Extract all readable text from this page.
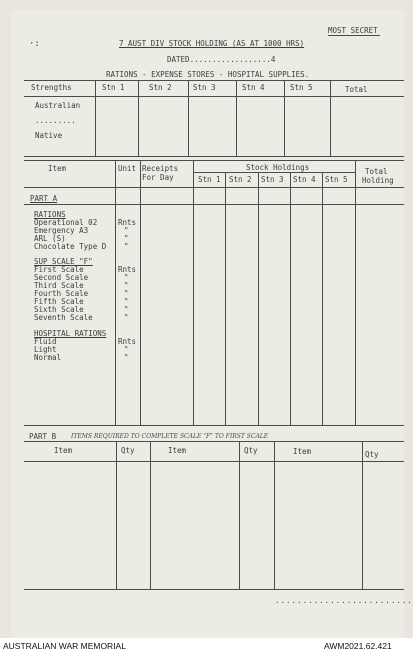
MOST SECRET
·:	7 AUST DIV STOCK HOLDING (AS AT 1000 HRS)
DATED..................4
RATIONS - EXPENSE STORES - HOSPITAL SUPPLIES.
Strengths	Stn 1	Stn 2	Stn 3	Stn 4	Stn 5	Total
Australian
.........
Native
Item	Unit Receipts
For Day
Stock Holdings
Stn 1 Stn 2 Stn 3 Stn 4 Stn 5
Total
Holding
PART A
RATIONS
Operational 02	Rnts
Emergency A3	"
ARL (S)	"
Chocolate Type D "
SUP SCALE "F"
First Scale	Rnts
Second Scale	"
Third Scale	"
Fourth Scale	"
Fifth Scale	"
Sixth Scale	"
Seventh Scale	"
HOSPITAL RATIONS
Fluid	Rnts
Light	"
Normal	"
PART B ITEMS REQUIRED TO COMPLETE SCALE "F" TO FIRST SCALE
Item	Qty	Item	Qty	Item	Qty
·························
AUSTRALIAN WAR MEMORIAL	AWM2021.62.421
